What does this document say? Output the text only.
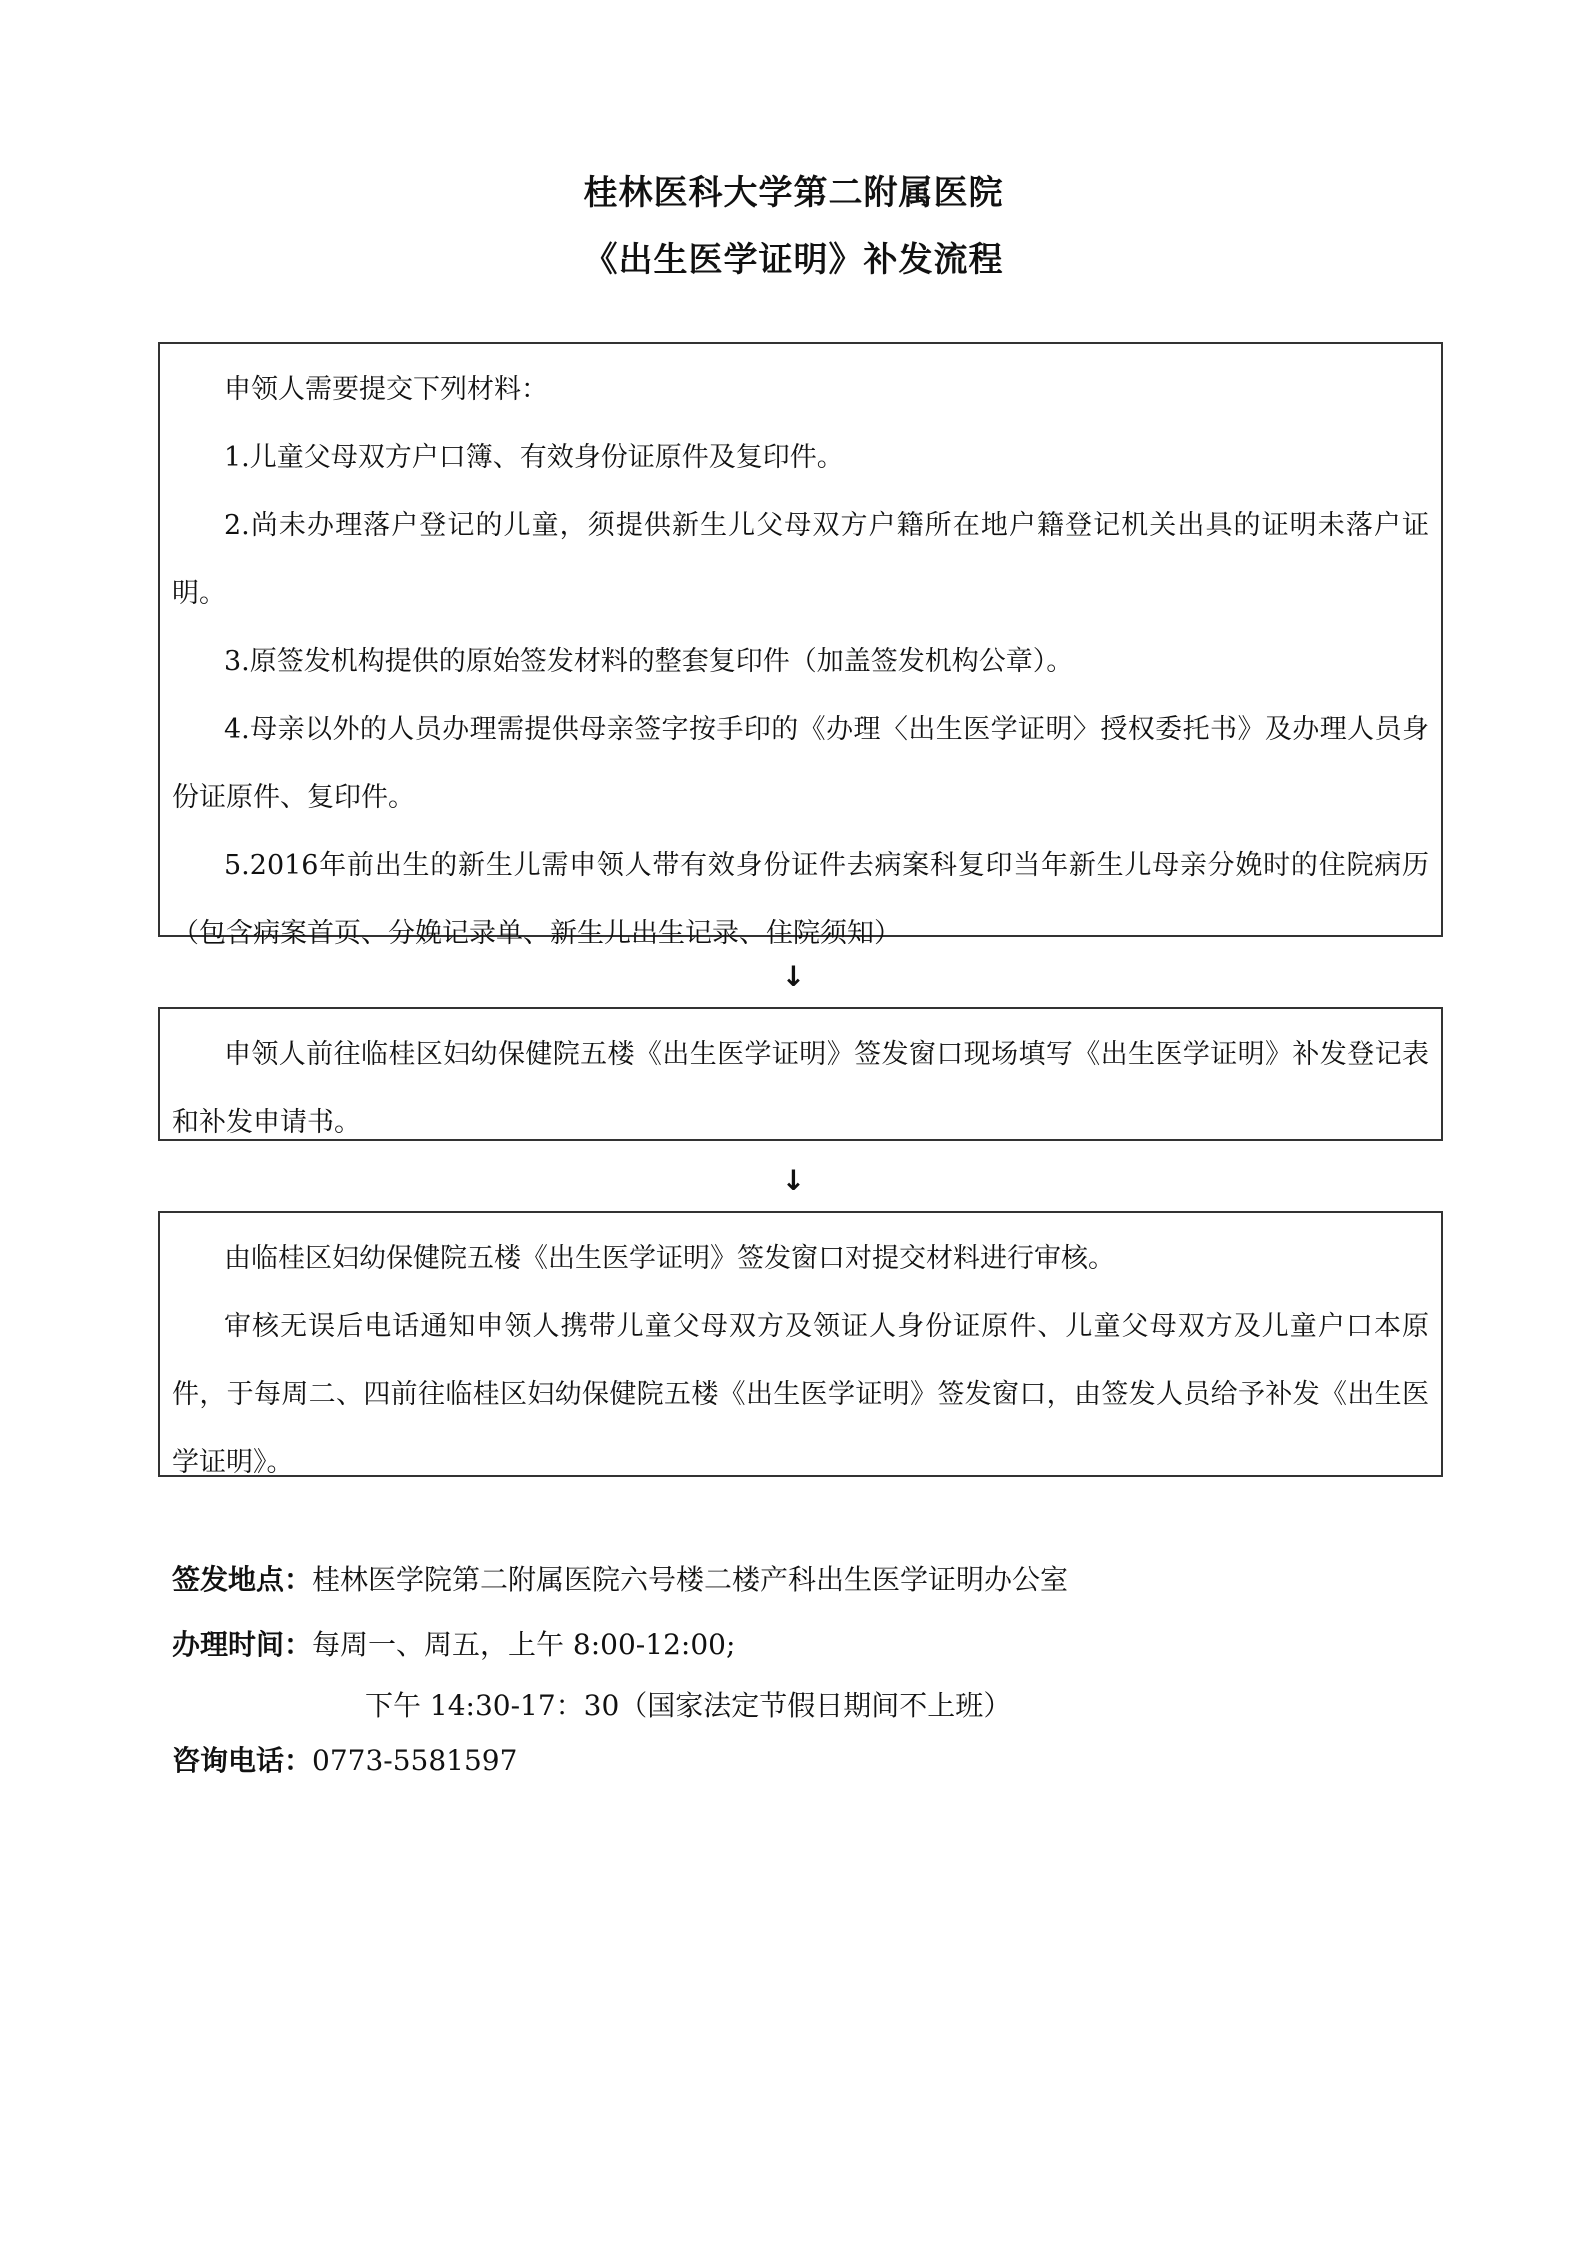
桂林医科大学第二附属医院
《出生医学证明》补发流程

申领人需要提交下列材料：

1.儿童父母双方户口簿、有效身份证原件及复印件。

2.尚未办理落户登记的儿童，须提供新生儿父母双方户籍所在地户籍登记机关出具的证明未落户证明。

3.原签发机构提供的原始签发材料的整套复印件（加盖签发机构公章）。

4.母亲以外的人员办理需提供母亲签字按手印的《办理〈出生医学证明〉授权委托书》及办理人员身份证原件、复印件。

5.2016年前出生的新生儿需申领人带有效身份证件去病案科复印当年新生儿母亲分娩时的住院病历（包含病案首页、分娩记录单、新生儿出生记录、住院须知）

↓

申领人前往临桂区妇幼保健院五楼《出生医学证明》签发窗口现场填写《出生医学证明》补发登记表和补发申请书。

↓

由临桂区妇幼保健院五楼《出生医学证明》签发窗口对提交材料进行审核。

审核无误后电话通知申领人携带儿童父母双方及领证人身份证原件、儿童父母双方及儿童户口本原件，于每周二、四前往临桂区妇幼保健院五楼《出生医学证明》签发窗口，由签发人员给予补发《出生医学证明》。

签发地点：桂林医学院第二附属医院六号楼二楼产科出生医学证明办公室
办理时间：每周一、周五，上午 8:00-12:00;
下午 14:30-17：30（国家法定节假日期间不上班）
咨询电话：0773-5581597
